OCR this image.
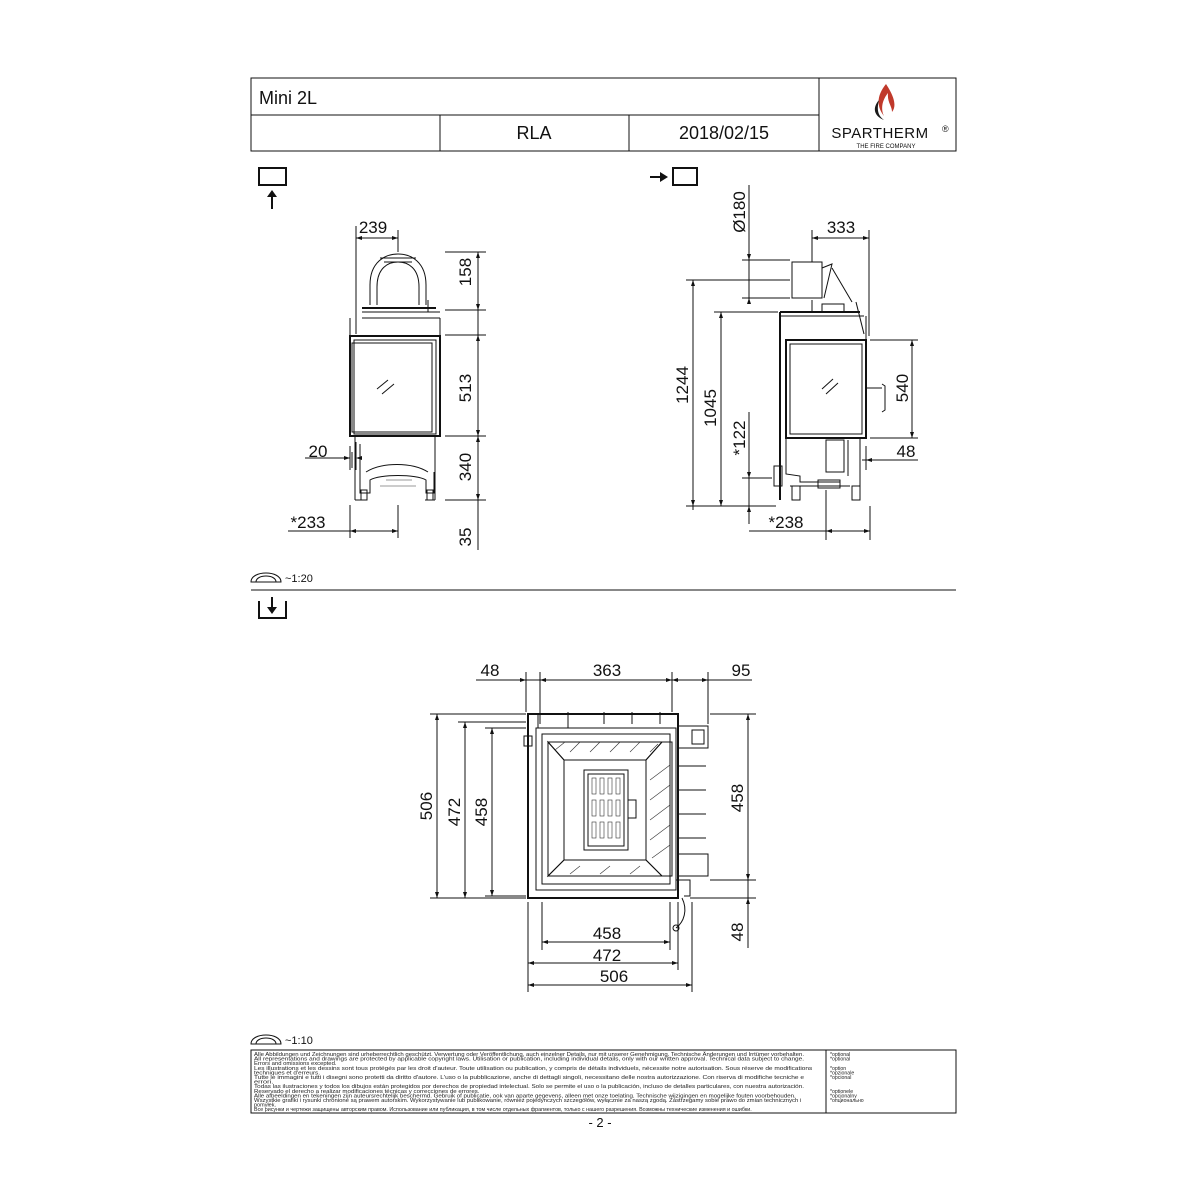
Mini 2L
RLA	2018/02/15	SPARTHERM ®
THE FIRE COMPANY
239
158
513
340
35
20
*233
Ø180	333
1244
1045
*122
540
48
*238
~1:20
48	363	95
506 472 458	458
48
458
472
506
~1:10
Alle Abbildungen und Zeichnungen sind urheberrechtlich geschützt. Verwertung oder Veröffentlichung, auch einzelner Details, nur mit unserer Genehmigung. Technische Änderungen und Irrtümer vorbehalten.
All representations and drawings are protected by applicable copyright laws. Utilisation or publication, including individual details, only with our written approval. Technical data subject to change.
Errors and omissions excepted.
Les illustrations et les dessins sont tous protégés par les droit d'auteur. Toute utilisation ou publication, y compris de détails individuels, nécessite notre autorisation. Sous réserve de modifications
techniques et d'erreurs.
Tutte le immagini e tutti i disegni sono protetti da diritto d'autore. L'uso o la pubblicazione, anche di dettagli singoli, necessitano delle nostra autorizzazione. Con riserva di modifiche tecniche e
errori.
Todas las ilustraciones y todos los dibujos están protegidos por derechos de propiedad intelectual. Solo se permite el uso o la publicación, incluso de detalles particulares, con nuestra autorización.
Reservado el derecho a realizar modificaciones técnicas y correcciones de errores.
Alle afbeeldingen en tekeningen zijn auteursrechtelijk beschermd. Gebruik of publicatie, ook van aparte gegevens, alleen met onze toelating. Technische wijzigingen en mogelijke fouten voorbehouden.
Wszystkie grafiki i rysunki chronione są prawem autorskim. Wykorzystywanie lub publikowanie, również pojedynczych szczegółów, wyłącznie za naszą zgodą. Zastrzegamy sobie prawo do zmian technicznych i
pomyłek.
Все рисунки и чертежи защищены авторским правом. Использование или публикация, в том числе отдельных фрагментов, только с нашего разрешения. Возможны технические изменения и ошибки.
*optional
*optional
*option
*opzionale
*opcional
*optionele
*opcjonalny
*опционально
- 2 -
